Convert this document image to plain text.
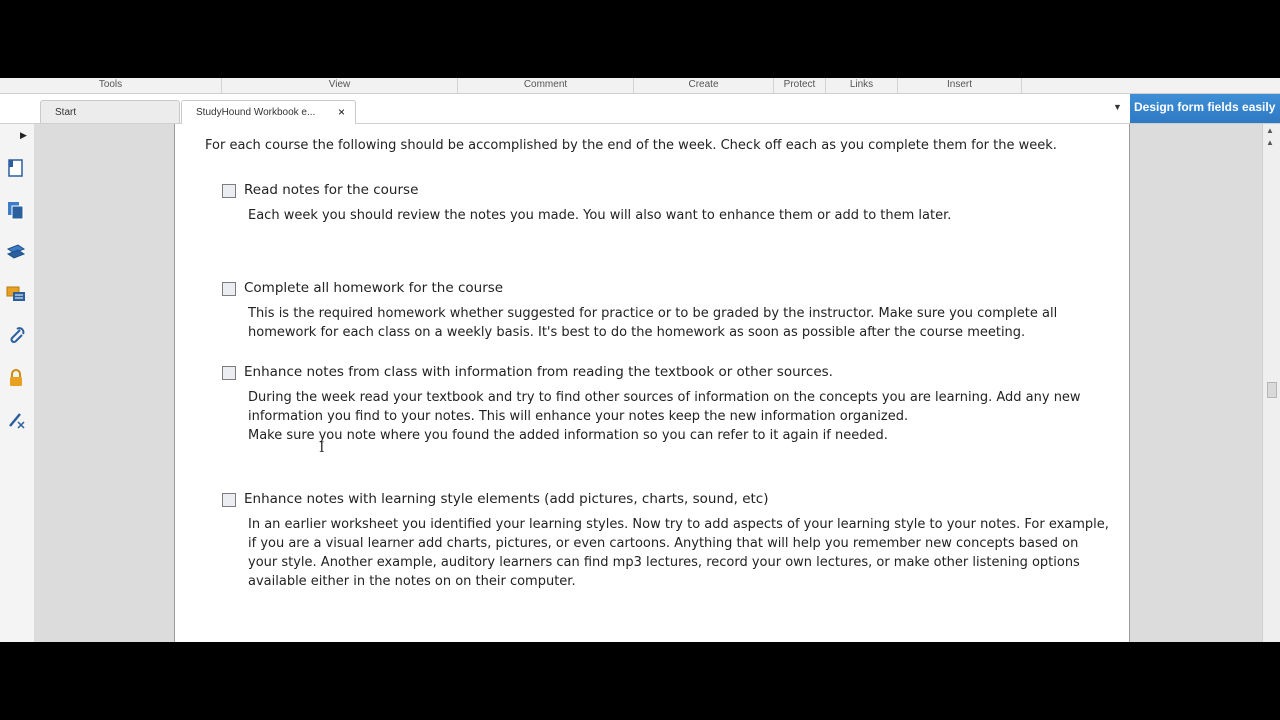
Tools	View	Comment	Create	Protect	Links	Insert
Start	StudyHound Workbook e... ×	▼	Design form fields easily
▶
For each course the following should be accomplished by the end of the week. Check off each as you complete them for the week.
Read notes for the course
Each week you should review the notes you made. You will also want to enhance them or add to them later.
Complete all homework for the course
This is the required homework whether suggested for practice or to be graded by the instructor. Make sure you complete all
homework for each class on a weekly basis. It's best to do the homework as soon as possible after the course meeting.
Enhance notes from class with information from reading the textbook or other sources.
During the week read your textbook and try to find other sources of information on the concepts you are learning. Add any new
information you find to your notes. This will enhance your notes keep the new information organized.
Make sure you note where you found the added information so you can refer to it again if needed.
Enhance notes with learning style elements (add pictures, charts, sound, etc)
In an earlier worksheet you identified your learning styles. Now try to add aspects of your learning style to your notes. For example,
if you are a visual learner add charts, pictures, or even cartoons. Anything that will help you remember new concepts based on
your style. Another example, auditory learners can find mp3 lectures, record your own lectures, or make other listening options
available either in the notes on on their computer.
▲
▲
I
